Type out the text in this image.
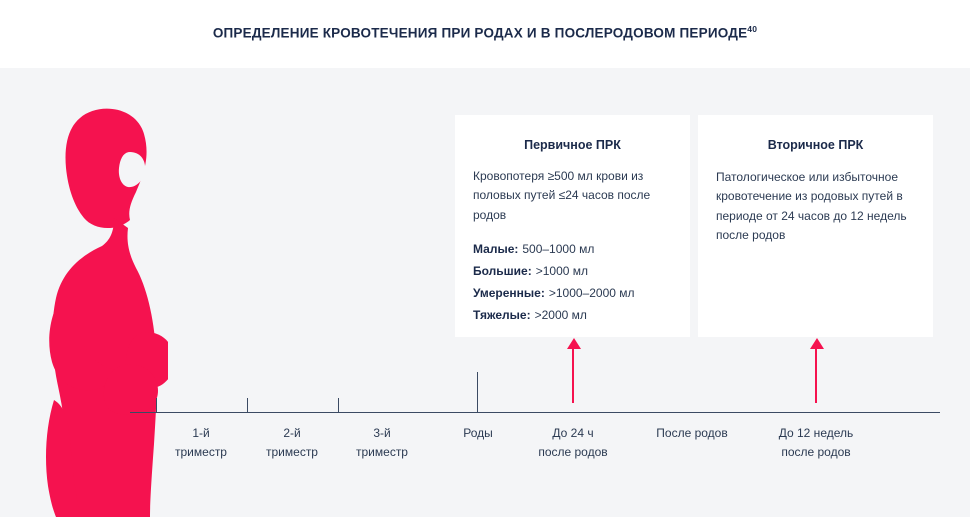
ОПРЕДЕЛЕНИЕ КРОВОТЕЧЕНИЯ ПРИ РОДАХ И В ПОСЛЕРОДОВОМ ПЕРИОДЕ$^{40}$
Первичное ПРК
Кровопотеря ≥500 мл крови из половых путей ≤24 часов после родов
Малые: 500–1000 мл
Большие: >1000 мл
Умеренные: >1000–2000 мл
Тяжелые: >2000 мл
Вторичное ПРК
Патологическое или избыточное кровотечение из родовых путей в периоде от 24 часов до 12 недель после родов
1-й
триместр
2-й
триместр
3-й
триместр
Роды	До 24 ч
после родов
После родов	До 12 недель
после родов
